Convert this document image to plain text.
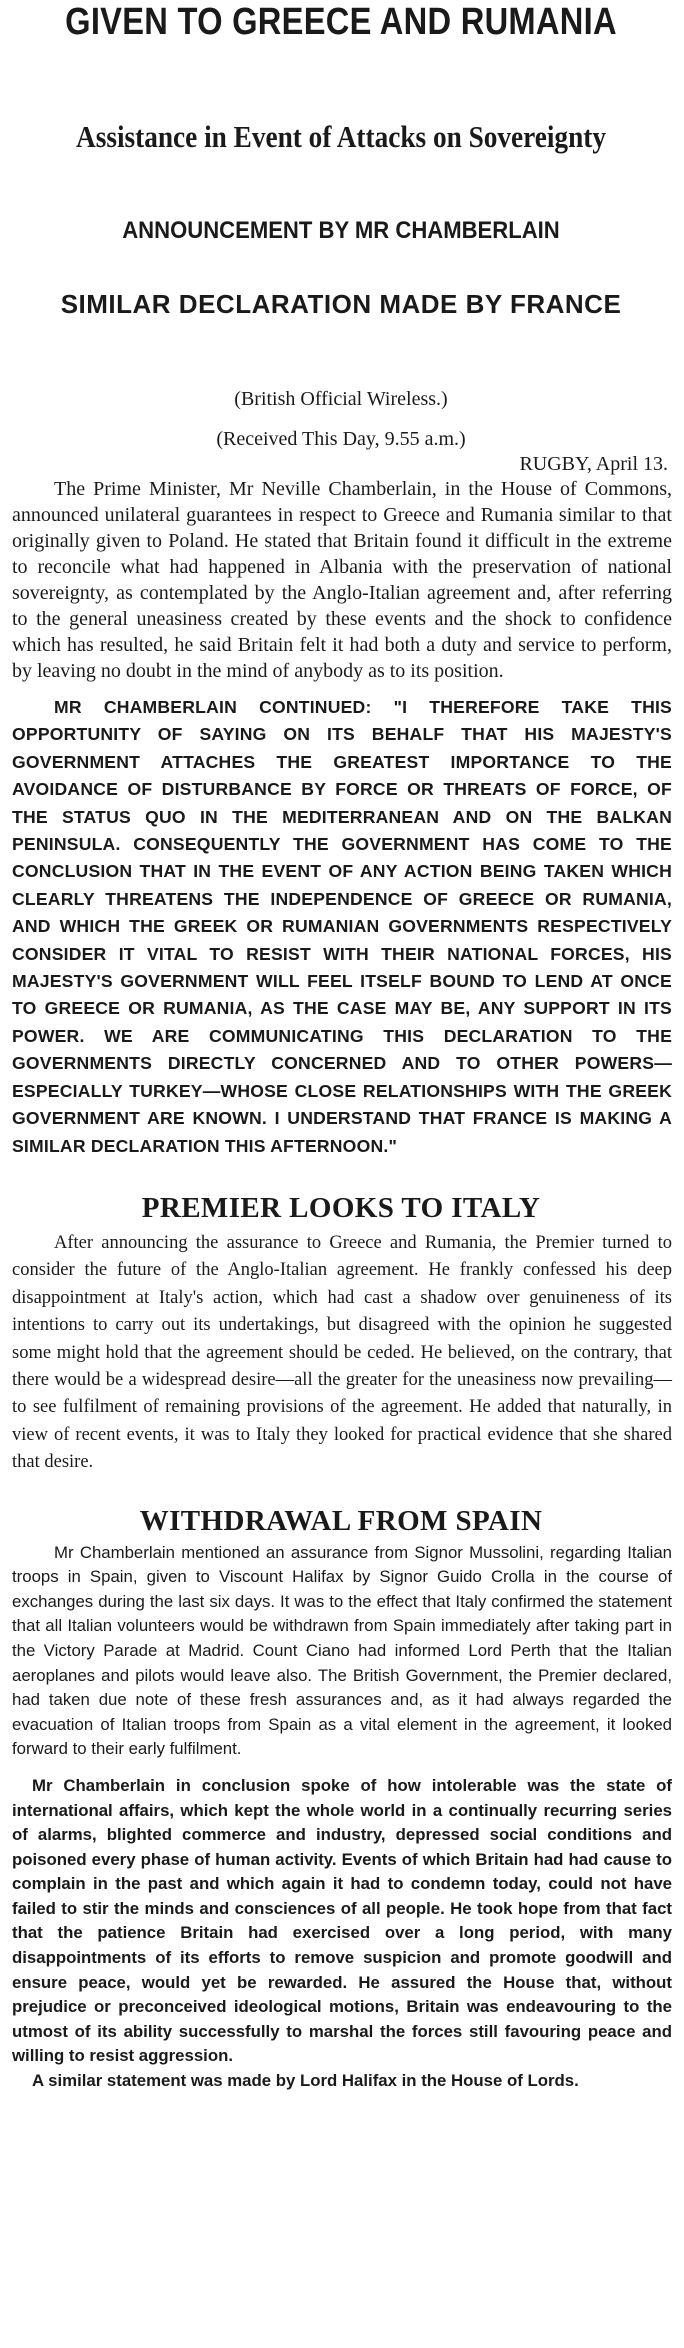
GIVEN TO GREECE AND RUMANIA
Assistance in Event of Attacks on Sovereignty
ANNOUNCEMENT BY MR CHAMBERLAIN
SIMILAR DECLARATION MADE BY FRANCE

(British Official Wireless.)

(Received This Day, 9.55 a.m.)

RUGBY, April 13.

The Prime Minister, Mr Neville Chamberlain, in the House of Commons, announced unilateral guarantees in respect to Greece and Rumania similar to that originally given to Poland. He stated that Britain found it difficult in the extreme to reconcile what had happened in Albania with the preservation of national sovereignty, as contemplated by the Anglo-Italian agreement and, after referring to the general uneasiness created by these events and the shock to confidence which has resulted, he said Britain felt it had both a duty and service to perform, by leaving no doubt in the mind of anybody as to its position.

MR CHAMBERLAIN CONTINUED: "I THEREFORE TAKE THIS OPPORTUNITY OF SAYING ON ITS BEHALF THAT HIS MAJESTY'S GOVERNMENT ATTACHES THE GREATEST IMPORTANCE TO THE AVOIDANCE OF DISTURBANCE BY FORCE OR THREATS OF FORCE, OF THE STATUS QUO IN THE MEDITERRANEAN AND ON THE BALKAN PENINSULA. CONSEQUENTLY THE GOVERNMENT HAS COME TO THE CONCLUSION THAT IN THE EVENT OF ANY ACTION BEING TAKEN WHICH CLEARLY THREATENS THE INDEPENDENCE OF GREECE OR RUMANIA, AND WHICH THE GREEK OR RUMANIAN GOVERNMENTS RESPECTIVELY CONSIDER IT VITAL TO RESIST WITH THEIR NATIONAL FORCES, HIS MAJESTY'S GOVERNMENT WILL FEEL ITSELF BOUND TO LEND AT ONCE TO GREECE OR RUMANIA, AS THE CASE MAY BE, ANY SUPPORT IN ITS POWER. WE ARE COMMUNICATING THIS DECLARATION TO THE GOVERNMENTS DIRECTLY CONCERNED AND TO OTHER POWERS—ESPECIALLY TURKEY—WHOSE CLOSE RELATIONSHIPS WITH THE GREEK GOVERNMENT ARE KNOWN. I UNDERSTAND THAT FRANCE IS MAKING A SIMILAR DECLARATION THIS AFTERNOON."

PREMIER LOOKS TO ITALY

After announcing the assurance to Greece and Rumania, the Premier turned to consider the future of the Anglo-Italian agreement. He frankly confessed his deep disappointment at Italy's action, which had cast a shadow over genuineness of its intentions to carry out its undertakings, but disagreed with the opinion he suggested some might hold that the agreement should be ceded. He believed, on the contrary, that there would be a widespread desire—all the greater for the uneasiness now prevailing—to see fulfilment of remaining provisions of the agreement. He added that naturally, in view of recent events, it was to Italy they looked for practical evidence that she shared that desire.

WITHDRAWAL FROM SPAIN

Mr Chamberlain mentioned an assurance from Signor Mussolini, regarding Italian troops in Spain, given to Viscount Halifax by Signor Guido Crolla in the course of exchanges during the last six days. It was to the effect that Italy confirmed the statement that all Italian volunteers would be withdrawn from Spain immediately after taking part in the Victory Parade at Madrid. Count Ciano had informed Lord Perth that the Italian aeroplanes and pilots would leave also. The British Government, the Premier declared, had taken due note of these fresh assurances and, as it had always regarded the evacuation of Italian troops from Spain as a vital element in the agreement, it looked forward to their early fulfilment.

Mr Chamberlain in conclusion spoke of how intolerable was the state of international affairs, which kept the whole world in a continually recurring series of alarms, blighted commerce and industry, depressed social conditions and poisoned every phase of human activity. Events of which Britain had had cause to complain in the past and which again it had to condemn today, could not have failed to stir the minds and consciences of all people. He took hope from that fact that the patience Britain had exercised over a long period, with many disappointments of its efforts to remove suspicion and promote goodwill and ensure peace, would yet be rewarded. He assured the House that, without prejudice or preconceived ideological motions, Britain was endeavouring to the utmost of its ability successfully to marshal the forces still favouring peace and willing to resist aggression.

A similar statement was made by Lord Halifax in the House of Lords.
